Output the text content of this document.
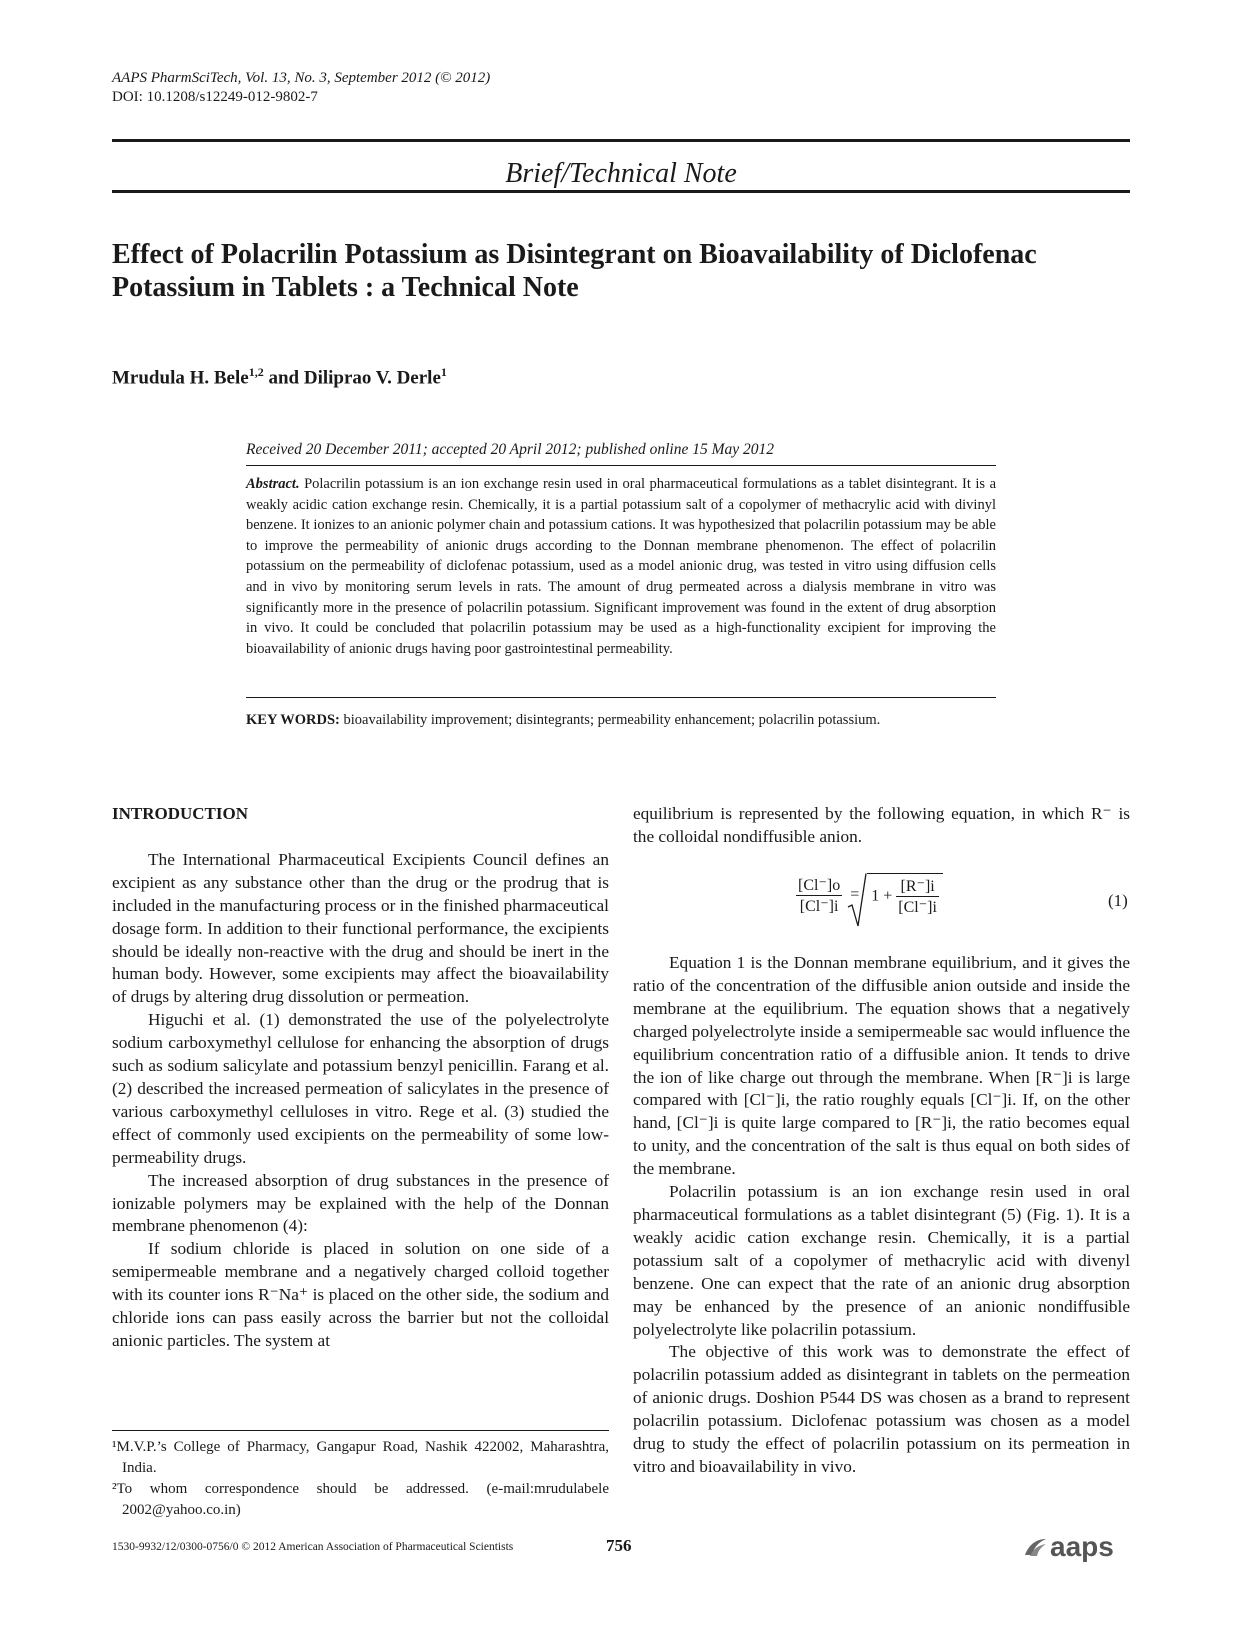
AAPS PharmSciTech, Vol. 13, No. 3, September 2012 (© 2012)
DOI: 10.1208/s12249-012-9802-7
Brief/Technical Note
Effect of Polacrilin Potassium as Disintegrant on Bioavailability of Diclofenac Potassium in Tablets : a Technical Note
Mrudula H. Bele$^{1,2}$ and Diliprao V. Derle$^1$
Received 20 December 2011; accepted 20 April 2012; published online 15 May 2012
Abstract. Polacrilin potassium is an ion exchange resin used in oral pharmaceutical formulations as a tablet disintegrant. It is a weakly acidic cation exchange resin. Chemically, it is a partial potassium salt of a copolymer of methacrylic acid with divinyl benzene. It ionizes to an anionic polymer chain and potassium cations. It was hypothesized that polacrilin potassium may be able to improve the permeability of anionic drugs according to the Donnan membrane phenomenon. The effect of polacrilin potassium on the permeability of diclofenac potassium, used as a model anionic drug, was tested in vitro using diffusion cells and in vivo by monitoring serum levels in rats. The amount of drug permeated across a dialysis membrane in vitro was significantly more in the presence of polacrilin potassium. Significant improvement was found in the extent of drug absorption in vivo. It could be concluded that polacrilin potassium may be used as a high-functionality excipient for improving the bioavailability of anionic drugs having poor gastrointestinal permeability.
KEY WORDS: bioavailability improvement; disintegrants; permeability enhancement; polacrilin potassium.
INTRODUCTION

The International Pharmaceutical Excipients Council defines an excipient as any substance other than the drug or the prodrug that is included in the manufacturing process or in the finished pharmaceutical dosage form. In addition to their functional performance, the excipients should be ideally non-reactive with the drug and should be inert in the human body. However, some excipients may affect the bioavailability of drugs by altering drug dissolution or permeation.

Higuchi et al. (1) demonstrated the use of the polyelectrolyte sodium carboxymethyl cellulose for enhancing the absorption of drugs such as sodium salicylate and potassium benzyl penicillin. Farang et al. (2) described the increased permeation of salicylates in the presence of various carboxymethyl celluloses in vitro. Rege et al. (3) studied the effect of commonly used excipients on the permeability of some low-permeability drugs.

The increased absorption of drug substances in the presence of ionizable polymers may be explained with the help of the Donnan membrane phenomenon (4):

If sodium chloride is placed in solution on one side of a semipermeable membrane and a negatively charged colloid together with its counter ions R⁻Na⁺ is placed on the other side, the sodium and chloride ions can pass easily across the barrier but not the colloidal anionic particles. The system at

¹M.V.P.’s College of Pharmacy, Gangapur Road, Nashik 422002, Maharashtra, India.

²To whom correspondence should be addressed. (e-mail:mrudulabele 2002@yahoo.co.in)

equilibrium is represented by the following equation, in which R⁻ is the colloidal nondiffusible anion.

$\frac{[Cl^-]o}{[Cl^-]i} = 1 + \frac{[R^-]i}{[Cl^-]i}$	(1)

Equation 1 is the Donnan membrane equilibrium, and it gives the ratio of the concentration of the diffusible anion outside and inside the membrane at the equilibrium. The equation shows that a negatively charged polyelectrolyte inside a semipermeable sac would influence the equilibrium concentration ratio of a diffusible anion. It tends to drive the ion of like charge out through the membrane. When [R⁻]i is large compared with [Cl⁻]i, the ratio roughly equals [Cl⁻]i. If, on the other hand, [Cl⁻]i is quite large compared to [R⁻]i, the ratio becomes equal to unity, and the concentration of the salt is thus equal on both sides of the membrane.

Polacrilin potassium is an ion exchange resin used in oral pharmaceutical formulations as a tablet disintegrant (5) (Fig. 1). It is a weakly acidic cation exchange resin. Chemically, it is a partial potassium salt of a copolymer of methacrylic acid with divenyl benzene. One can expect that the rate of an anionic drug absorption may be enhanced by the presence of an anionic nondiffusible polyelectrolyte like polacrilin potassium.

The objective of this work was to demonstrate the effect of polacrilin potassium added as disintegrant in tablets on the permeation of anionic drugs. Doshion P544 DS was chosen as a brand to represent polacrilin potassium. Diclofenac potassium was chosen as a model drug to study the effect of polacrilin potassium on its permeation in vitro and bioavailability in vivo.

1530-9932/12/0300-0756/0 © 2012 American Association of Pharmaceutical Scientists	756	aaps
